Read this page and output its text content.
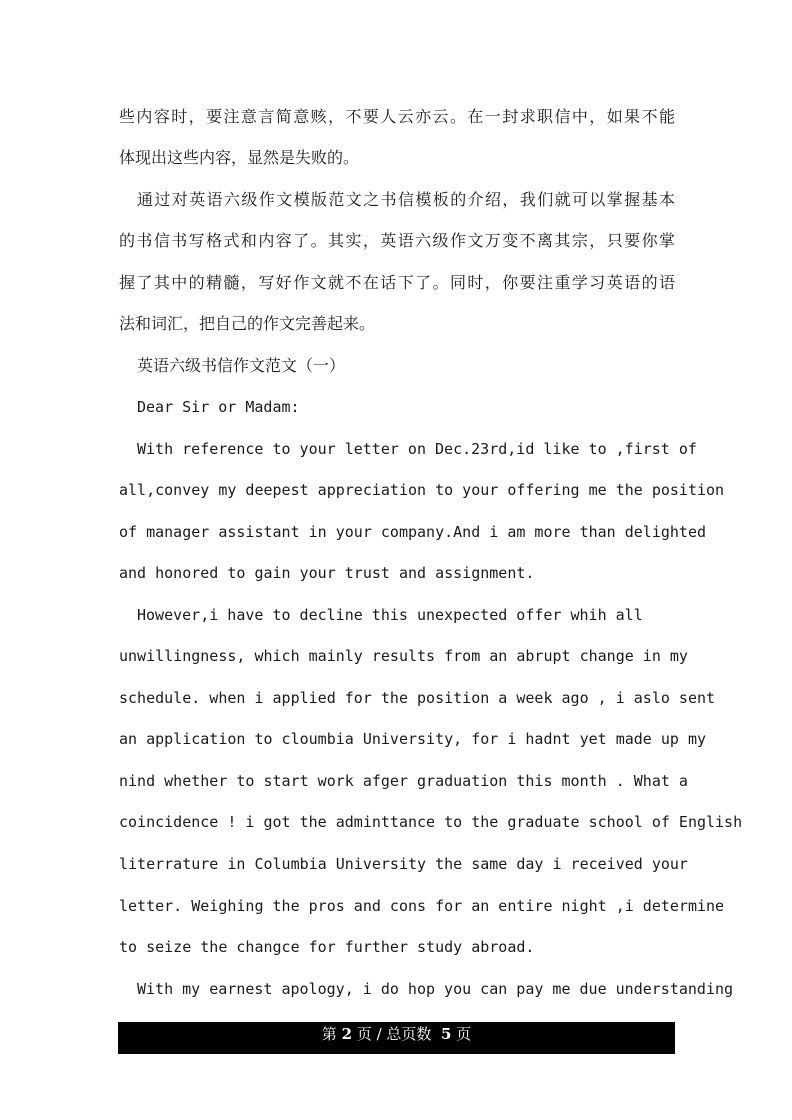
些内容时，要注意言简意赅，不要人云亦云。在一封求职信中，如果不能
体现出这些内容，显然是失败的。
通过对英语六级作文模版范文之书信模板的介绍，我们就可以掌握基本
的书信书写格式和内容了。其实，英语六级作文万变不离其宗，只要你掌
握了其中的精髓，写好作文就不在话下了。同时，你要注重学习英语的语
法和词汇，把自己的作文完善起来。
英语六级书信作文范文（一）
Dear Sir or Madam:
With reference to your letter on Dec.23rd,id like to ,first of
all,convey my deepest appreciation to your offering me the position
of manager assistant in your company.And i am more than delighted
and honored to gain your trust and assignment.
However,i have to decline this unexpected offer whih all
unwillingness, which mainly results from an abrupt change in my
schedule. when i applied for the position a week ago , i aslo sent
an application to cloumbia University, for i hadnt yet made up my
nind whether to start work afger graduation this month . What a
coincidence ! i got the adminttance to the graduate school of English
literrature in Columbia University the same day i received your
letter. Weighing the pros and cons for an entire night ,i determine
to seize the changce for further study abroad.
With my earnest apology, i do hop you can pay me due understanding
第 2 页 / 总页数 5 页
